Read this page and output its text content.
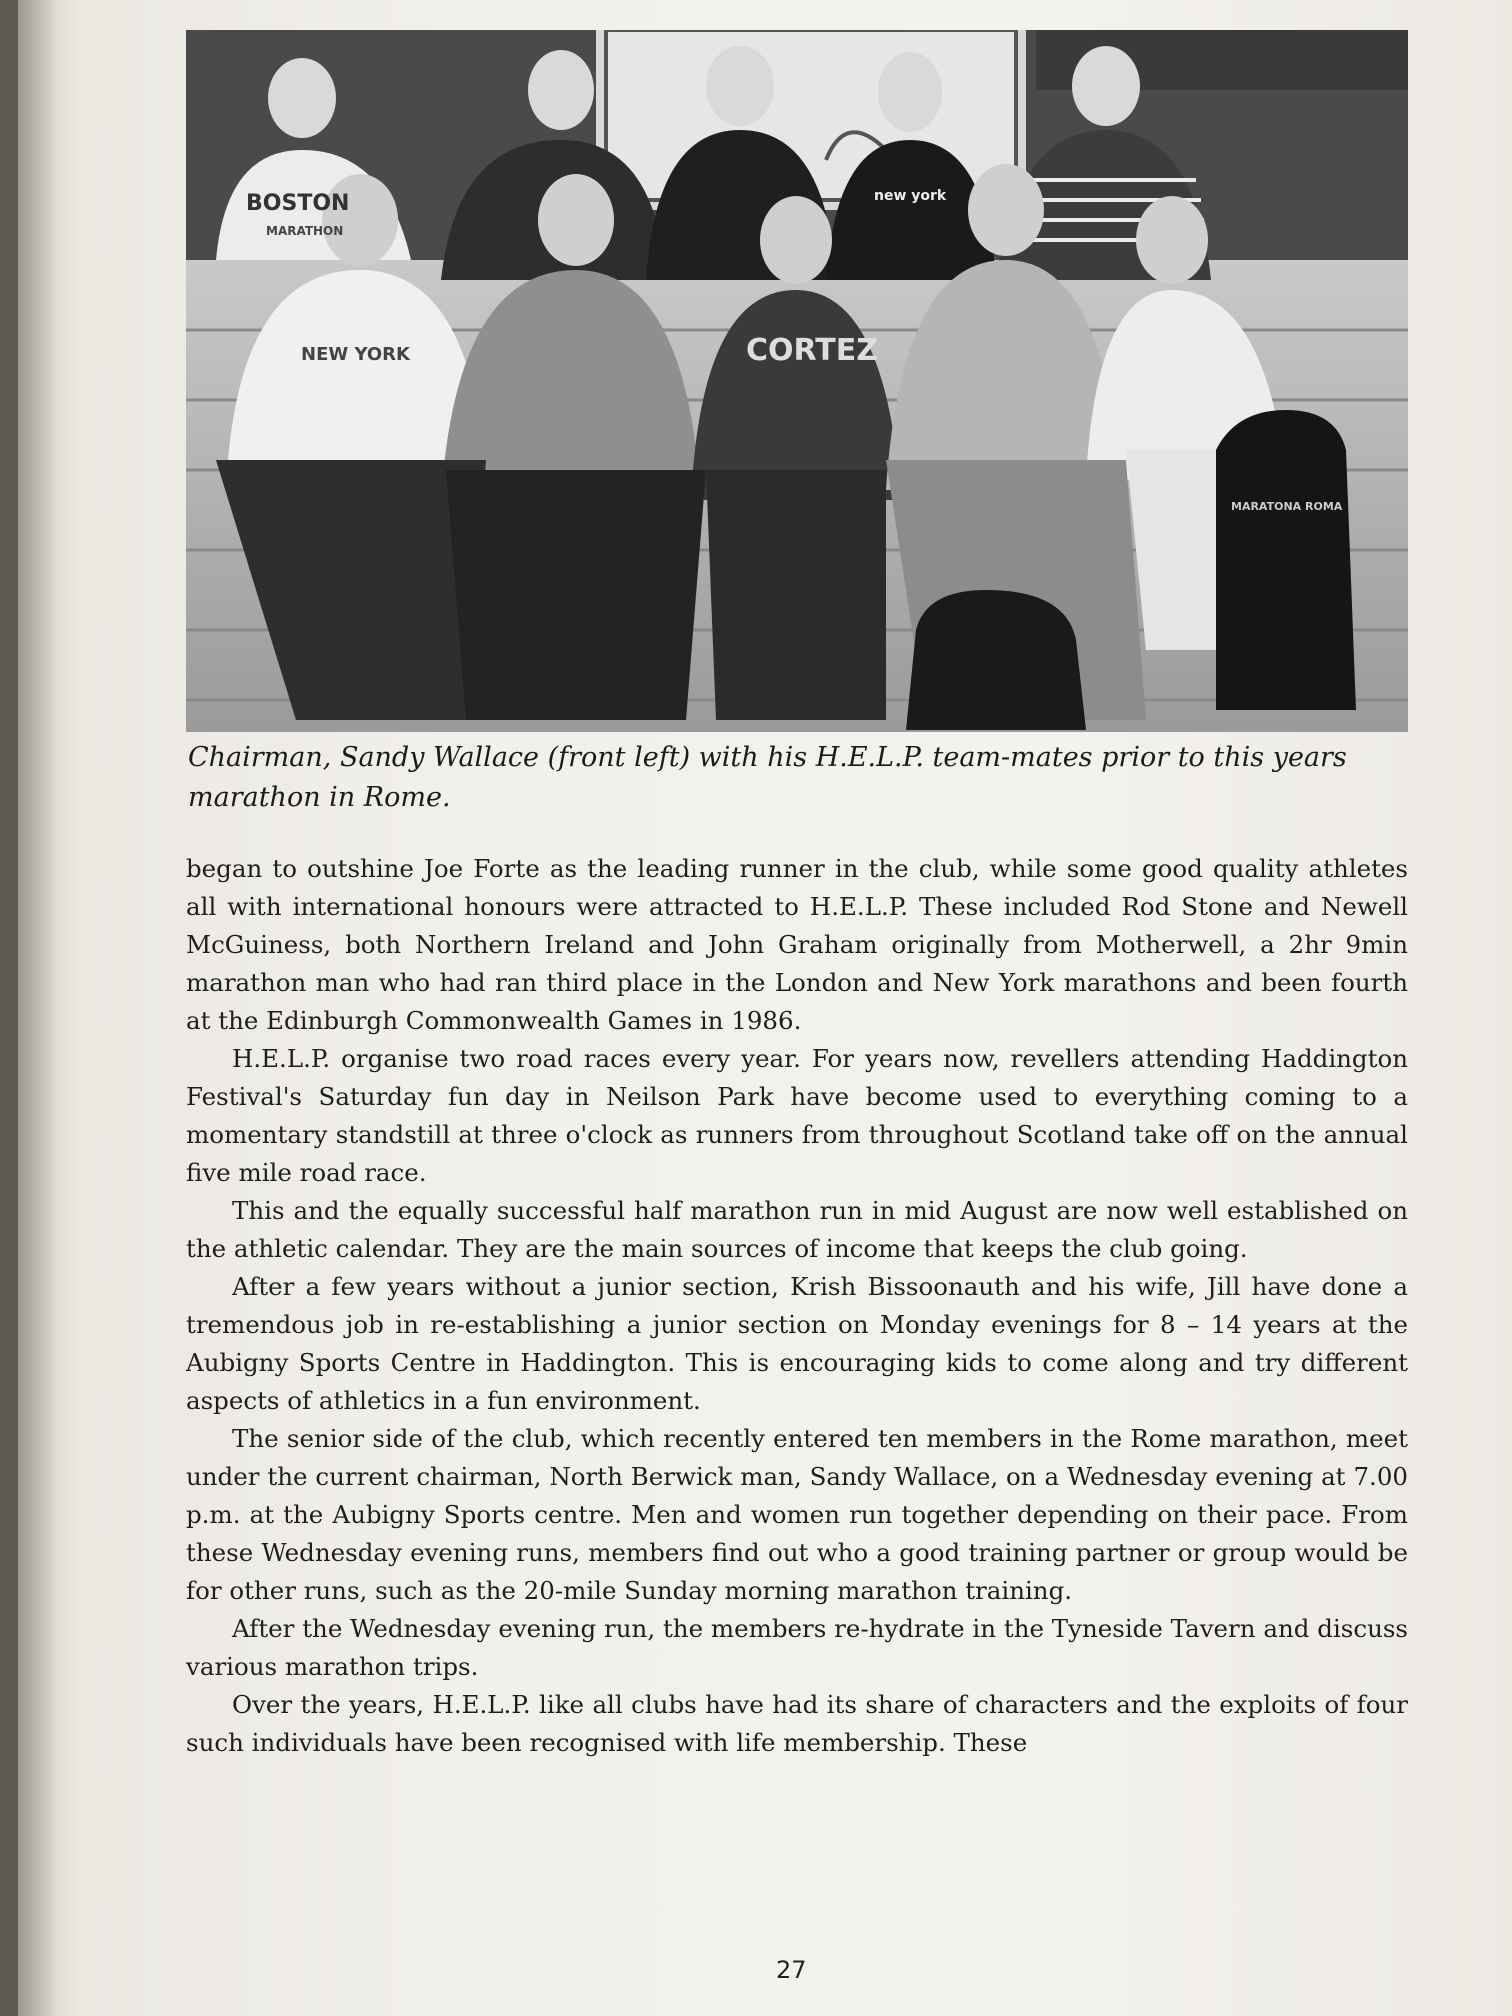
BOSTON
MARATHON
NEW YORK
new york
CORTEZ
MARATONA ROMA

Chairman, Sandy Wallace (front left) with his H.E.L.P. team-mates prior to this years marathon in Rome.

began to outshine Joe Forte as the leading runner in the club, while some good quality athletes all with international honours were attracted to H.E.L.P. These included Rod Stone and Newell McGuiness, both Northern Ireland and John Graham originally from Motherwell, a 2hr 9min marathon man who had ran third place in the London and New York marathons and been fourth at the Edinburgh Commonwealth Games in 1986.

H.E.L.P. organise two road races every year. For years now, revellers attending Haddington Festival's Saturday fun day in Neilson Park have become used to everything coming to a momentary standstill at three o'clock as runners from throughout Scotland take off on the annual five mile road race.

This and the equally successful half marathon run in mid August are now well established on the athletic calendar. They are the main sources of income that keeps the club going.

After a few years without a junior section, Krish Bissoonauth and his wife, Jill have done a tremendous job in re-establishing a junior section on Monday evenings for 8 – 14 years at the Aubigny Sports Centre in Haddington. This is encouraging kids to come along and try different aspects of athletics in a fun environment.

The senior side of the club, which recently entered ten members in the Rome marathon, meet under the current chairman, North Berwick man, Sandy Wallace, on a Wednesday evening at 7.00 p.m. at the Aubigny Sports centre. Men and women run together depending on their pace. From these Wednesday evening runs, members find out who a good training partner or group would be for other runs, such as the 20-mile Sunday morning marathon training.

After the Wednesday evening run, the members re-hydrate in the Tyneside Tavern and discuss various marathon trips.

Over the years, H.E.L.P. like all clubs have had its share of characters and the exploits of four such individuals have been recognised with life membership. These

27
